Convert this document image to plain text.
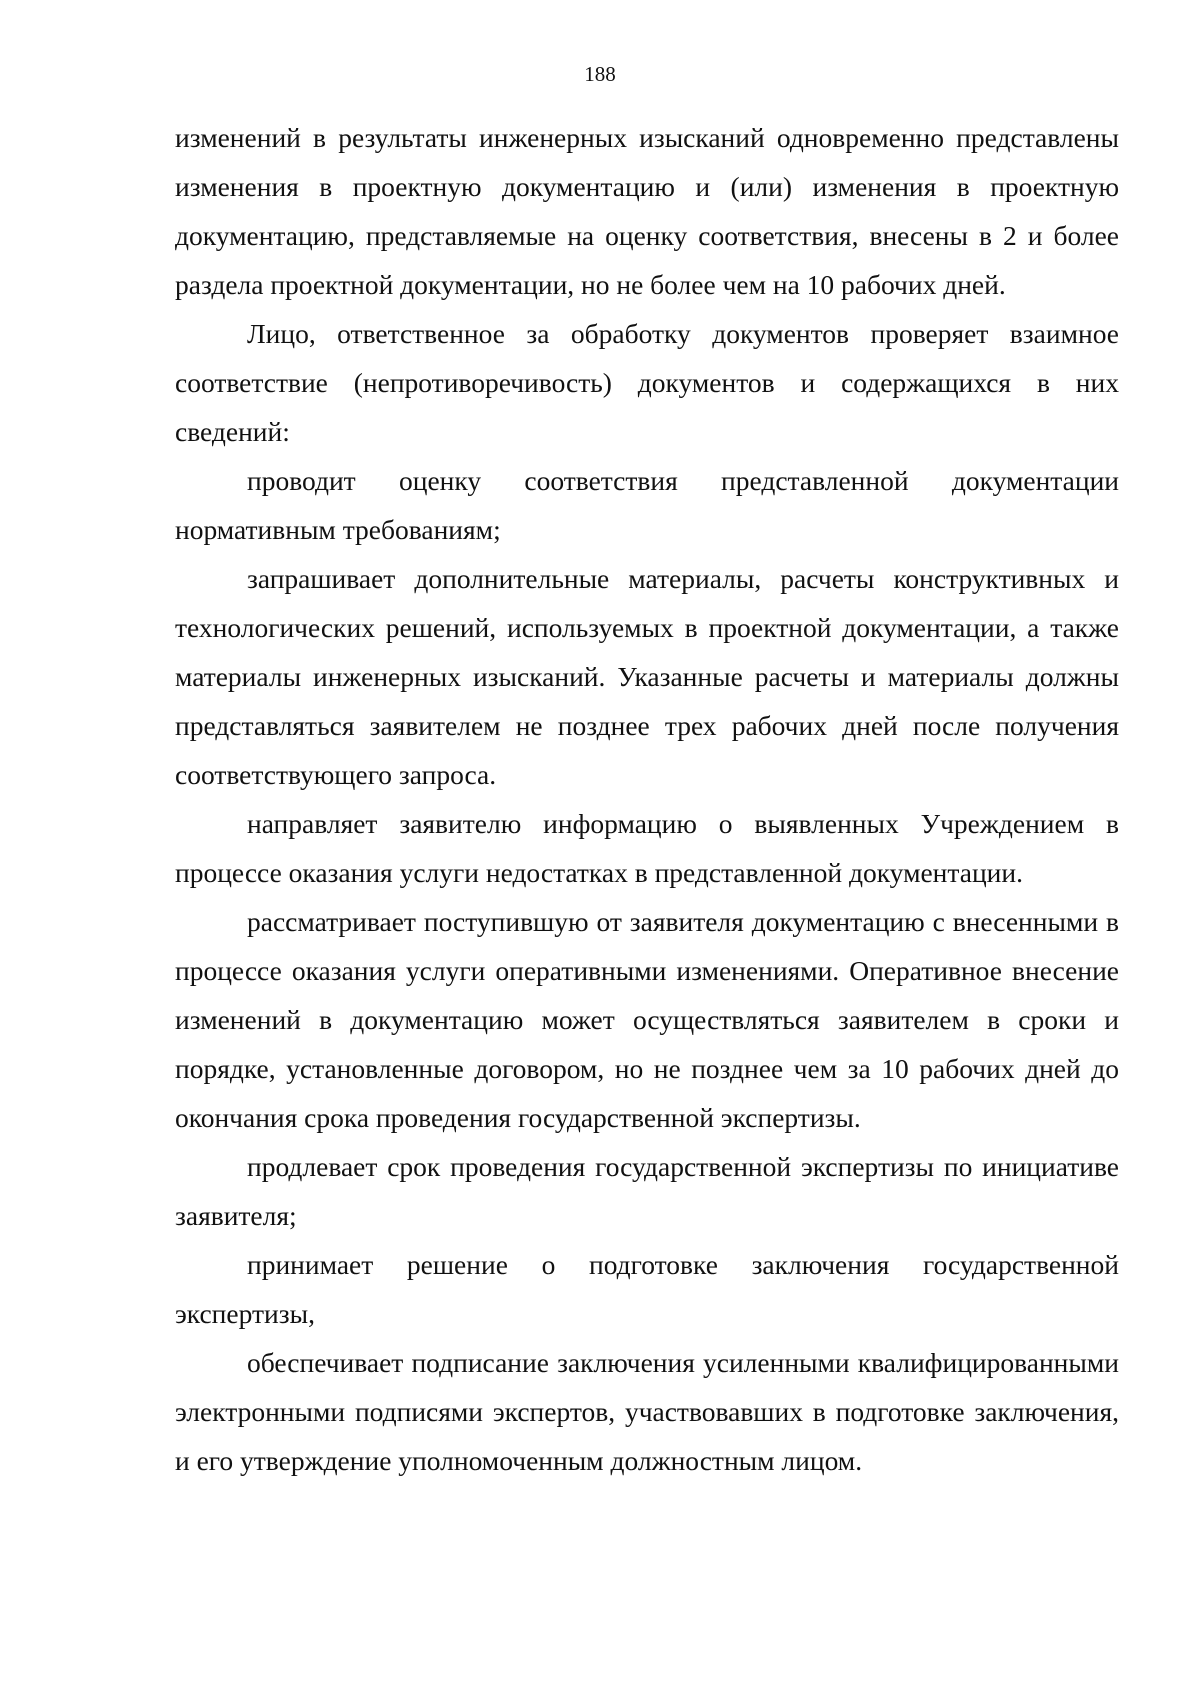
188

изменений в результаты инженерных изысканий одновременно представлены изменения в проектную документацию и (или) изменения в проектную документацию, представляемые на оценку соответствия, внесены в 2 и более раздела проектной документации, но не более чем на 10 рабочих дней.

Лицо, ответственное за обработку документов проверяет взаимное соответствие (непротиворечивость) документов и содержащихся в них сведений:

проводит оценку соответствия представленной документации нормативным требованиям;

запрашивает дополнительные материалы, расчеты конструктивных и технологических решений, используемых в проектной документации, а также материалы инженерных изысканий. Указанные расчеты и материалы должны представляться заявителем не позднее трех рабочих дней после получения соответствующего запроса.

направляет заявителю информацию о выявленных Учреждением в процессе оказания услуги недостатках в представленной документации.

рассматривает поступившую от заявителя документацию с внесенными в процессе оказания услуги оперативными изменениями. Оперативное внесение изменений в документацию может осуществляться заявителем в сроки и порядке, установленные договором, но не позднее чем за 10 рабочих дней до окончания срока проведения государственной экспертизы.

продлевает срок проведения государственной экспертизы по инициативе заявителя;

принимает решение о подготовке заключения государственной экспертизы,

обеспечивает подписание заключения усиленными квалифицированными электронными подписями экспертов, участвовавших в подготовке заключения, и его утверждение уполномоченным должностным лицом.
